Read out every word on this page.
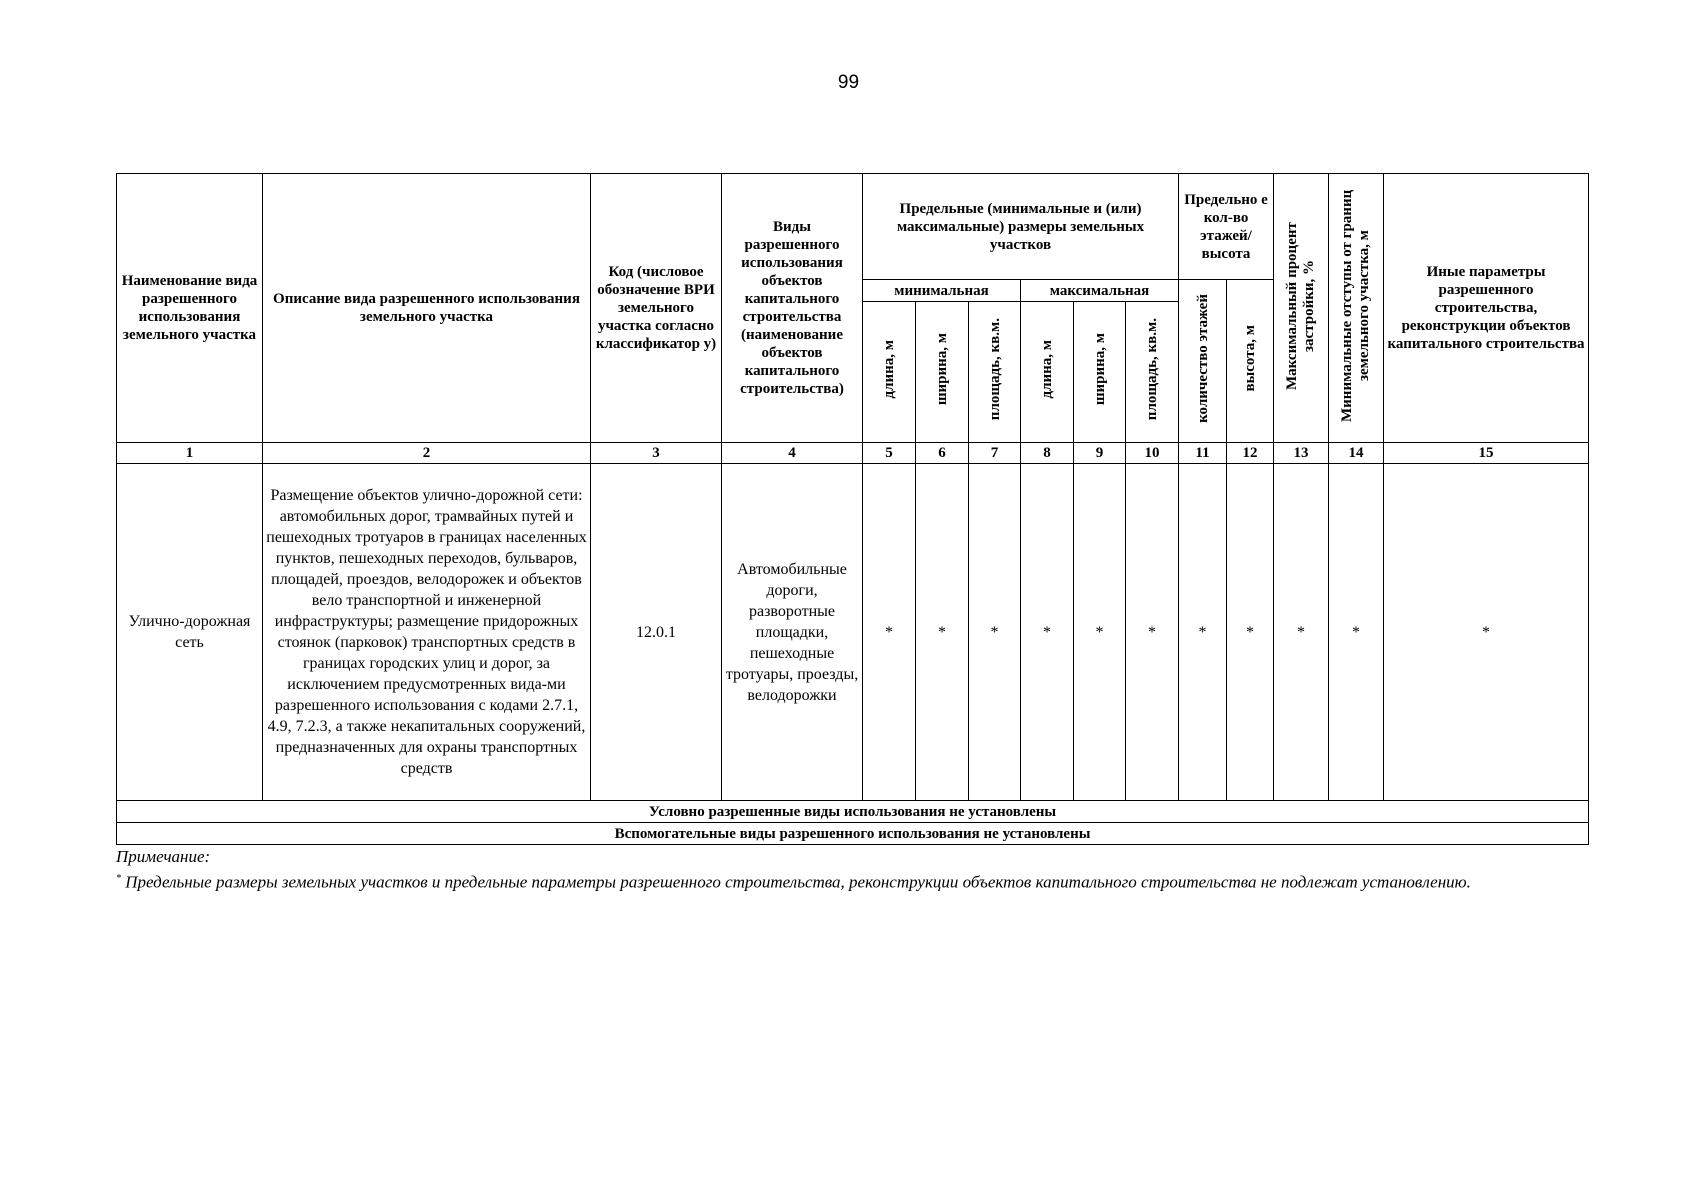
99
Наименование вида разрешенного использования земельного участка	Описание вида разрешенного использования земельного участка	Код (числовое обозначение ВРИ земельного участка согласно классификатор у)	Виды разрешенного использования объектов капитального строительства (наименование объектов капитального строительства)	Предельные (минимальные и (или) максимальные) размеры земельных участков						Предельно е кол-во этажей/ высота		Максимальный процент застройки, %	Минимальные отступы от границ земельного участка, м	Иные параметры разрешенного строительства, реконструкции объектов капитального строительства

				минимальная			максимальная			количество этажей	высота, м			
				длина, м	ширина, м	площадь, кв.м.	длина, м	ширина, м	площадь, кв.м.					
1	2	3	4	5	6	7	8	9	10	11	12	13	14	15
Улично-дорожная сеть	Размещение объектов улично-дорожной сети: автомобильных дорог, трамвайных путей и пешеходных тротуаров в границах населенных пунктов, пешеходных переходов, бульваров, площадей, проездов, велодорожек и объектов вело транспортной и инженерной инфраструктуры; размещение придорожных стоянок (парковок) транспортных средств в границах городских улиц и дорог, за исключением предусмотренных вида-ми разрешенного использования с кодами 2.7.1, 4.9, 7.2.3, а также некапитальных сооружений, предназначенных для охраны транспортных средств	12.0.1	Автомобильные дороги, разворотные площадки, пешеходные тротуары, проезды, велодорожки	*	*	*	*	*	*	*	*	*	*	*
Условно разрешенные виды использования не установлены														
Вспомогательные виды разрешенного использования не установлены														
Примечание:
* Предельные размеры земельных участков и предельные параметры разрешенного строительства, реконструкции объектов капитального строительства не подлежат установлению.
